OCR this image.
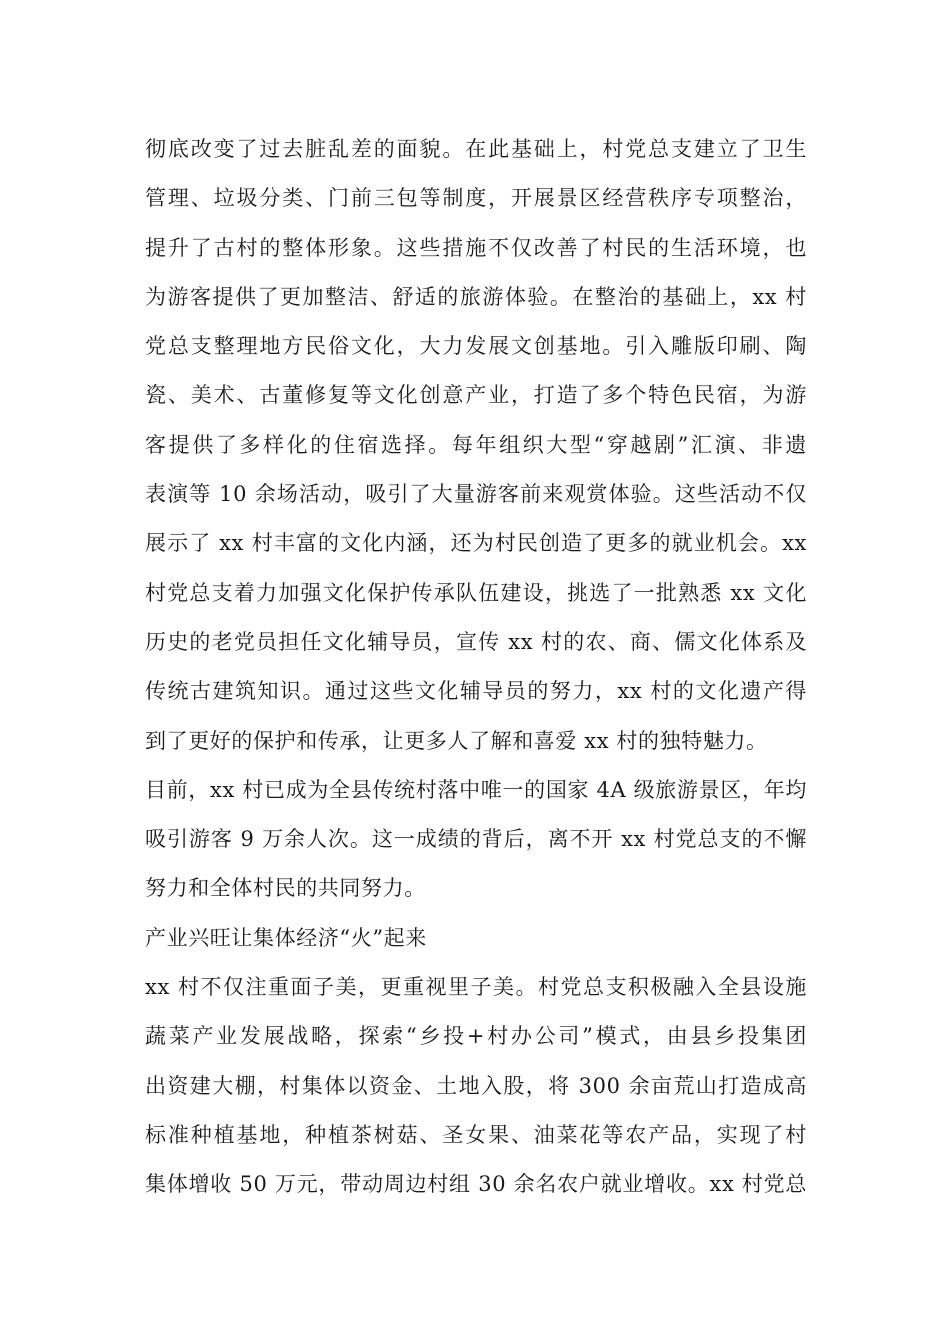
彻底改变了过去脏乱差的面貌。在此基础上，村党总支建立了卫生
管理、垃圾分类、门前三包等制度，开展景区经营秩序专项整治，
提升了古村的整体形象。这些措施不仅改善了村民的生活环境，也
为游客提供了更加整洁、舒适的旅游体验。在整治的基础上，xx 村
党总支整理地方民俗文化，大力发展文创基地。引入雕版印刷、陶
瓷、美术、古董修复等文化创意产业，打造了多个特色民宿，为游
客提供了多样化的住宿选择。每年组织大型“穿越剧”汇演、非遗
表演等 10 余场活动，吸引了大量游客前来观赏体验。这些活动不仅
展示了 xx 村丰富的文化内涵，还为村民创造了更多的就业机会。xx
村党总支着力加强文化保护传承队伍建设，挑选了一批熟悉 xx 文化
历史的老党员担任文化辅导员，宣传 xx 村的农、商、儒文化体系及
传统古建筑知识。通过这些文化辅导员的努力，xx 村的文化遗产得
到了更好的保护和传承，让更多人了解和喜爱 xx 村的独特魅力。
目前，xx 村已成为全县传统村落中唯一的国家 4A 级旅游景区，年均
吸引游客 9 万余人次。这一成绩的背后，离不开 xx 村党总支的不懈
努力和全体村民的共同努力。
产业兴旺让集体经济“火”起来
xx 村不仅注重面子美，更重视里子美。村党总支积极融入全县设施
蔬菜产业发展战略，探索“乡投+村办公司”模式，由县乡投集团
出资建大棚，村集体以资金、土地入股，将 300 余亩荒山打造成高
标准种植基地，种植茶树菇、圣女果、油菜花等农产品，实现了村
集体增收 50 万元，带动周边村组 30 余名农户就业增收。xx 村党总
